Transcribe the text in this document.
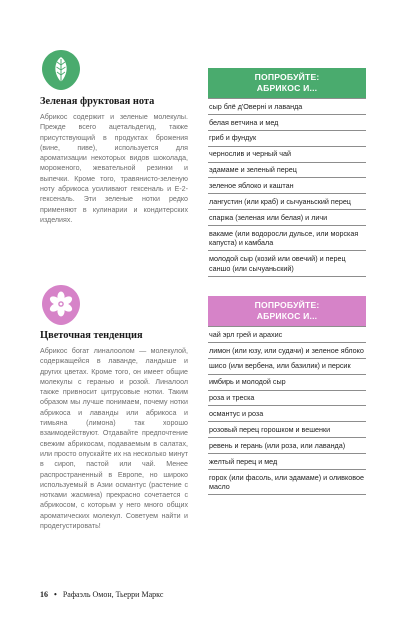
Зеленая фруктовая нота

Абрикос содержит и зеленые молекулы. Прежде всего ацетальдегид, также присутствующий в продуктах брожения (вине, пиве), используется для ароматизации некоторых видов шоколада, мороженого, жевательной резинки и выпечки. Кроме того, травянисто-зеленую ноту абрикоса усиливают гексеналь и E-2-гексеналь. Эти зеленые нотки редко применяют в кулинарии и кондитерских изделиях.

Цветочная тенденция

Абрикос богат линалоолом — молекулой, содержащейся в лаванде, ландыше и других цветах. Кроме того, он имеет общие молекулы с геранью и розой. Линалоол также привносит цитрусовые нотки. Таким образом мы лучше понимаем, почему нотки абрикоса и лаванды или абрикоса и тимьяна (лимона) так хорошо взаимодействуют. Отдавайте предпочтение свежим абрикосам, подаваемым в салатах, или просто опускайте их на несколько минут в сироп, пастой или чай. Менее распространенный в Европе, но широко используемый в Азии османтус (растение с нотками жасмина) прекрасно сочетается с абрикосом, с которым у него много общих ароматических молекул. Советуем найти и продегустировать!

16 • Рафаэль Омон, Тьерри Маркс
ПОПРОБУЙТЕ:
АБРИКОС И...
сыр блё д'Оверні и лаванда
белая ветчина и мед
гриб и фундук
чернослив и черный чай
эдамаме и зеленый перец
зеленое яблоко и каштан
лангустин (или краб) и сычуаньский перец
спаржа (зеленая или белая) и личи
вакаме (или водоросли дульсе, или морская капуста) и камбала
молодой сыр (козий или овечий) и перец саншо (или сычуаньский)
ПОПРОБУЙТЕ:
АБРИКОС И...
чай эрл грей и арахис
лимон (или юзу, или судачи) и зеленое яблоко
шисо (или вербена, или базилик) и персик
имбирь и молодой сыр
роза и треска
османтус и роза
розовый перец горошком и вешенки
ревень и герань (или роза, или лаванда)
желтый перец и мед
горох (или фасоль, или эдамаме) и оливковое масло
